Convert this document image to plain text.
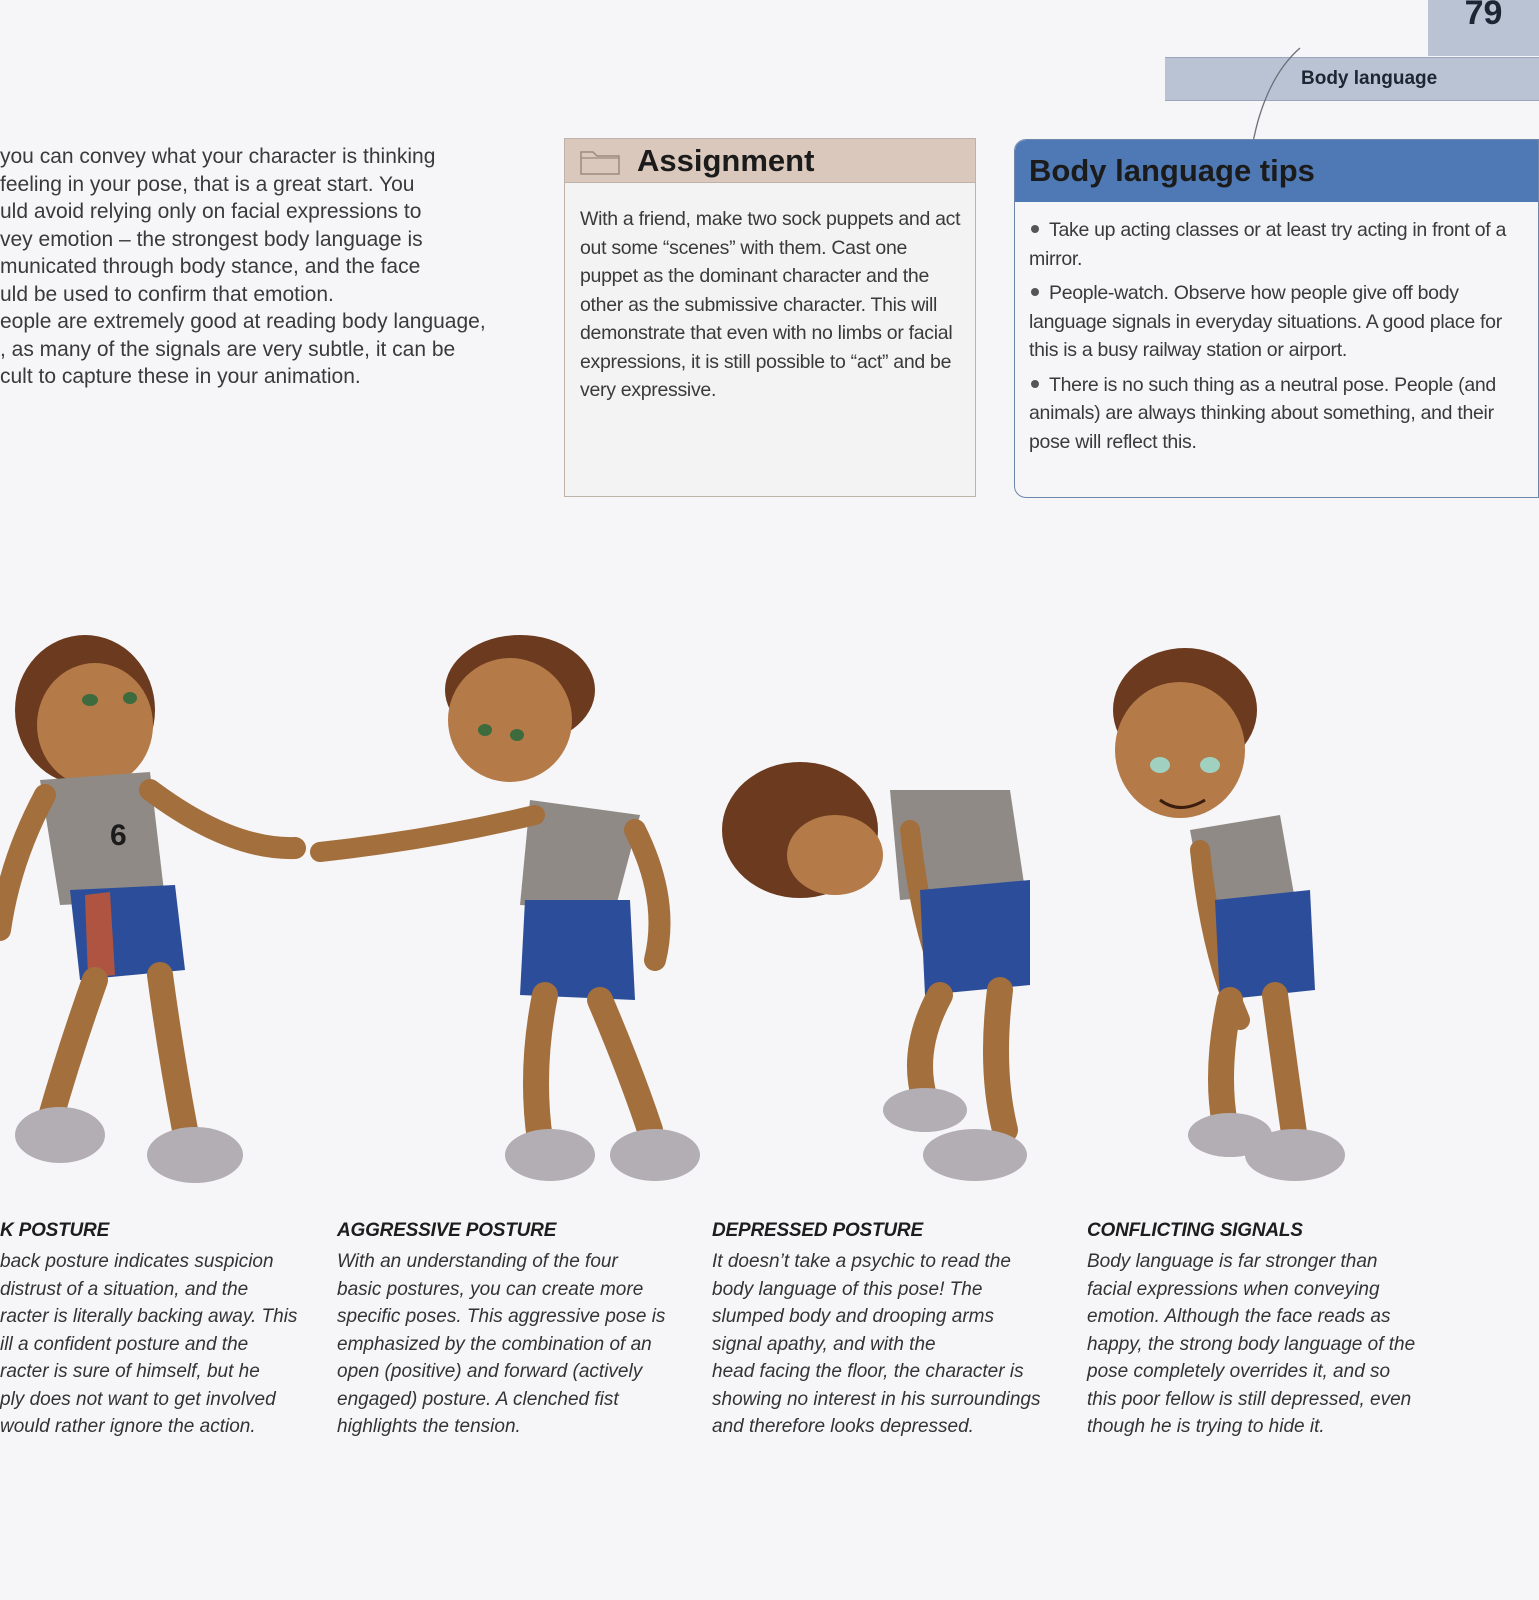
79
Body language

you can convey what your character is thinking
feeling in your pose, that is a great start. You
uld avoid relying only on facial expressions to
vey emotion – the strongest body language is
municated through body stance, and the face
uld be used to confirm that emotion.
eople are extremely good at reading body language,
, as many of the signals are very subtle, it can be
cult to capture these in your animation.

Assignment

With a friend, make two sock puppets and act out some “scenes” with them. Cast one puppet as the dominant character and the other as the submissive character. This will demonstrate that even with no limbs or facial expressions, it is still possible to “act” and be very expressive.

Body language tips
Take up acting classes or at least try acting in front of a mirror.
People-watch. Observe how people give off body language signals in everyday situations. A good place for this is a busy railway station or airport.
There is no such thing as a neutral pose. People (and animals) are always thinking about something, and their pose will reflect this.
6
K POSTURE

back posture indicates suspicion
distrust of a situation, and the
racter is literally backing away. This
ill a confident posture and the
racter is sure of himself, but he
ply does not want to get involved
would rather ignore the action.

AGGRESSIVE POSTURE

With an understanding of the four
basic postures, you can create more
specific poses. This aggressive pose is
emphasized by the combination of an
open (positive) and forward (actively
engaged) posture. A clenched fist
highlights the tension.

DEPRESSED POSTURE

It doesn’t take a psychic to read the
body language of this pose! The
slumped body and drooping arms
signal apathy, and with the
head facing the floor, the character is
showing no interest in his surroundings
and therefore looks depressed.

CONFLICTING SIGNALS

Body language is far stronger than
facial expressions when conveying
emotion. Although the face reads as
happy, the strong body language of the
pose completely overrides it, and so
this poor fellow is still depressed, even
though he is trying to hide it.
